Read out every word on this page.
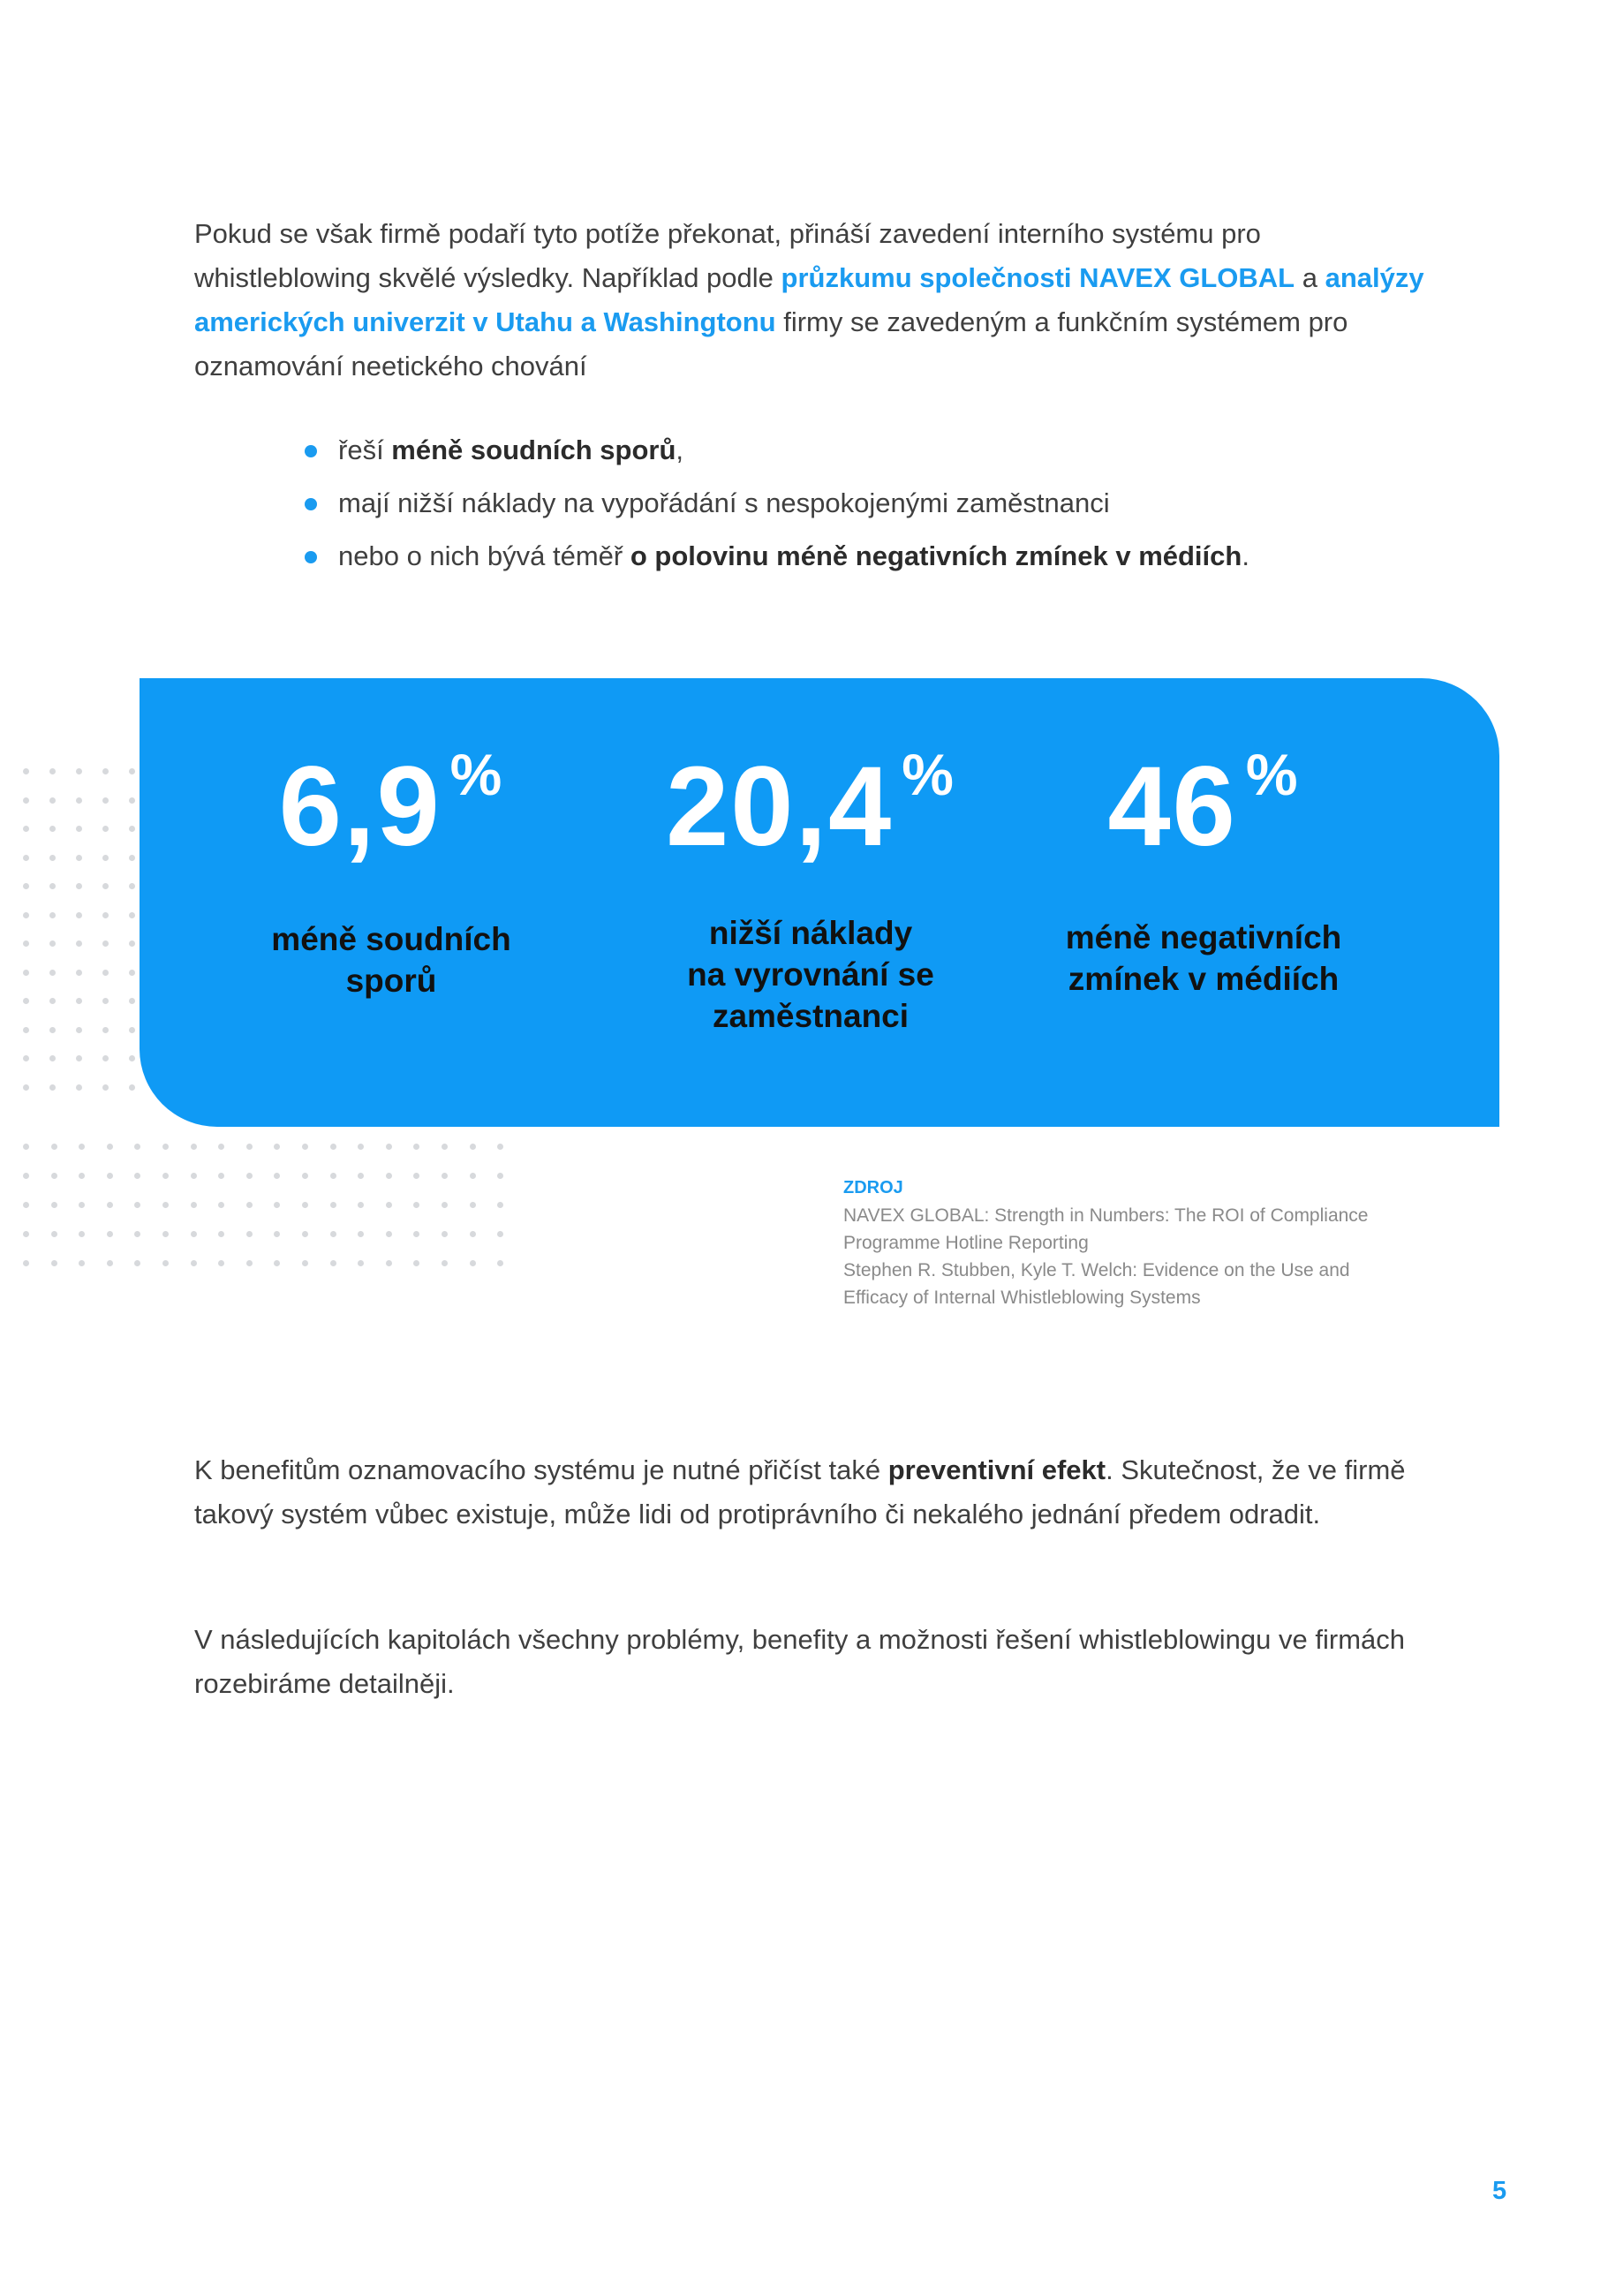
Pokud se však firmě podaří tyto potíže překonat, přináší zavedení interního systému pro whistleblowing skvělé výsledky. Například podle průzkumu společnosti NAVEX GLOBAL a analýzy amerických univerzit v Utahu a Washingtonu firmy se zavedeným a funkčním systémem pro oznamování neetického chování

řeší méně soudních sporů,
mají nižší náklady na vypořádání s nespokojenými zaměstnanci
nebo o nich bývá téměř o polovinu méně negativních zmínek v médiích.
6,9 %
méně soudních
sporů
20,4 %
nižší náklady
na vyrovnání se
zaměstnanci
46 %
méně negativních
zmínek v médiích
ZDROJ
NAVEX GLOBAL: Strength in Numbers: The ROI of Compliance
Programme Hotline Reporting
Stephen R. Stubben, Kyle T. Welch: Evidence on the Use and
Efficacy of Internal Whistleblowing Systems

K benefitům oznamovacího systému je nutné přičíst také preventivní efekt. Skutečnost, že ve firmě takový systém vůbec existuje, může lidi od protiprávního či nekalého jednání předem odradit.

V následujících kapitolách všechny problémy, benefity a možnosti řešení whistleblowingu ve firmách rozebiráme detailněji.

5
